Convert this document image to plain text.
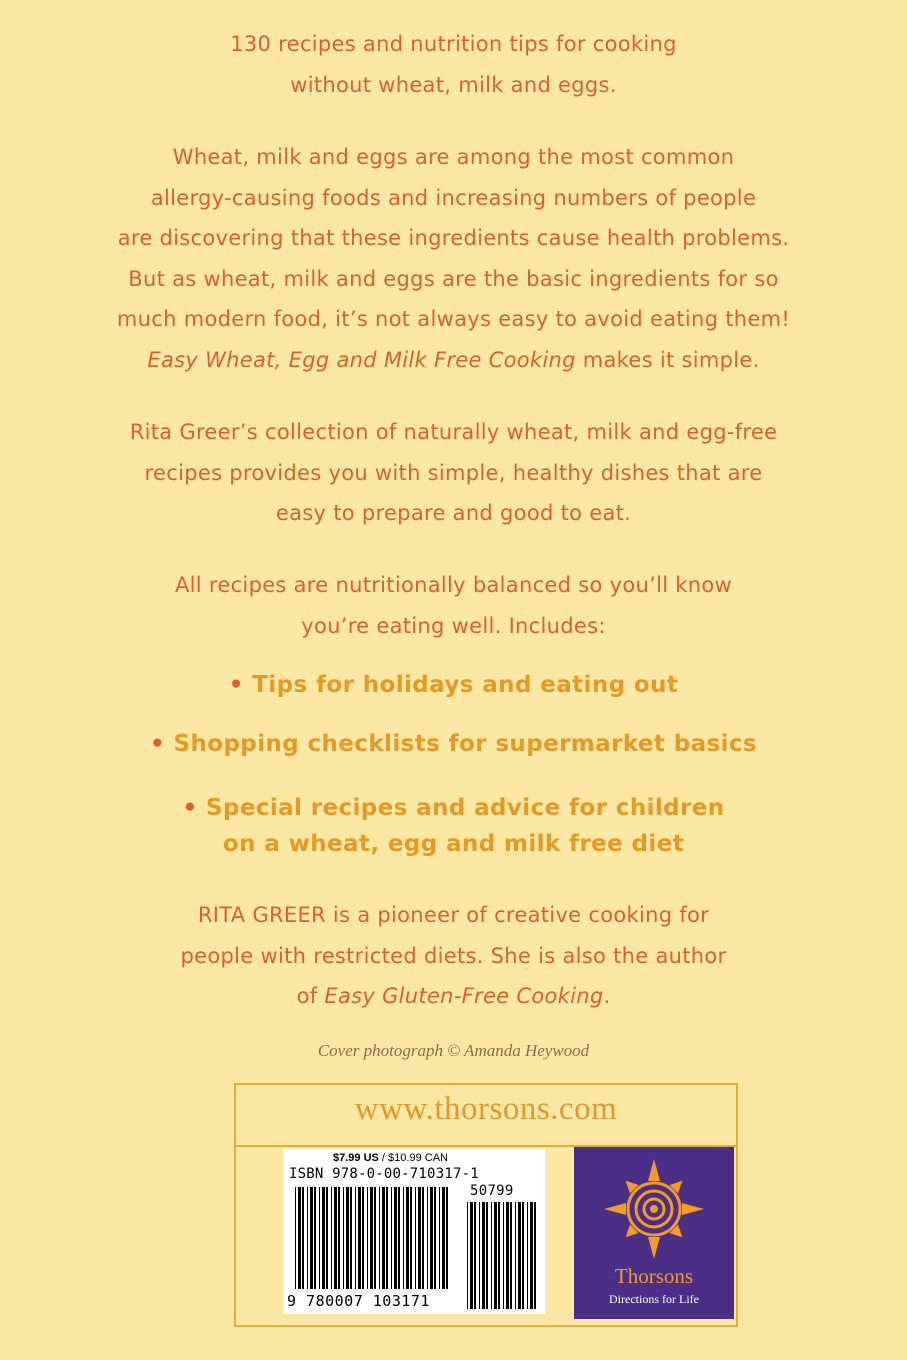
130 recipes and nutrition tips for cooking
without wheat, milk and eggs.
Wheat, milk and eggs are among the most common
allergy-causing foods and increasing numbers of people
are discovering that these ingredients cause health problems.
But as wheat, milk and eggs are the basic ingredients for so
much modern food, it’s not always easy to avoid eating them!
Easy Wheat, Egg and Milk Free Cooking makes it simple.
Rita Greer’s collection of naturally wheat, milk and egg-free
recipes provides you with simple, healthy dishes that are
easy to prepare and good to eat.
All recipes are nutritionally balanced so you’ll know
you’re eating well. Includes:
• Tips for holidays and eating out
• Shopping checklists for supermarket basics
• Special recipes and advice for children
on a wheat, egg and milk free diet
RITA GREER is a pioneer of creative cooking for
people with restricted diets. She is also the author
of Easy Gluten-Free Cooking.
Cover photograph © Amanda Heywood
www.thorsons.com
$7.99 US / $10.99 CAN
ISBN 978-0-00-710317-1
50799
9 780007 103171
Thorsons
Directions for Life
